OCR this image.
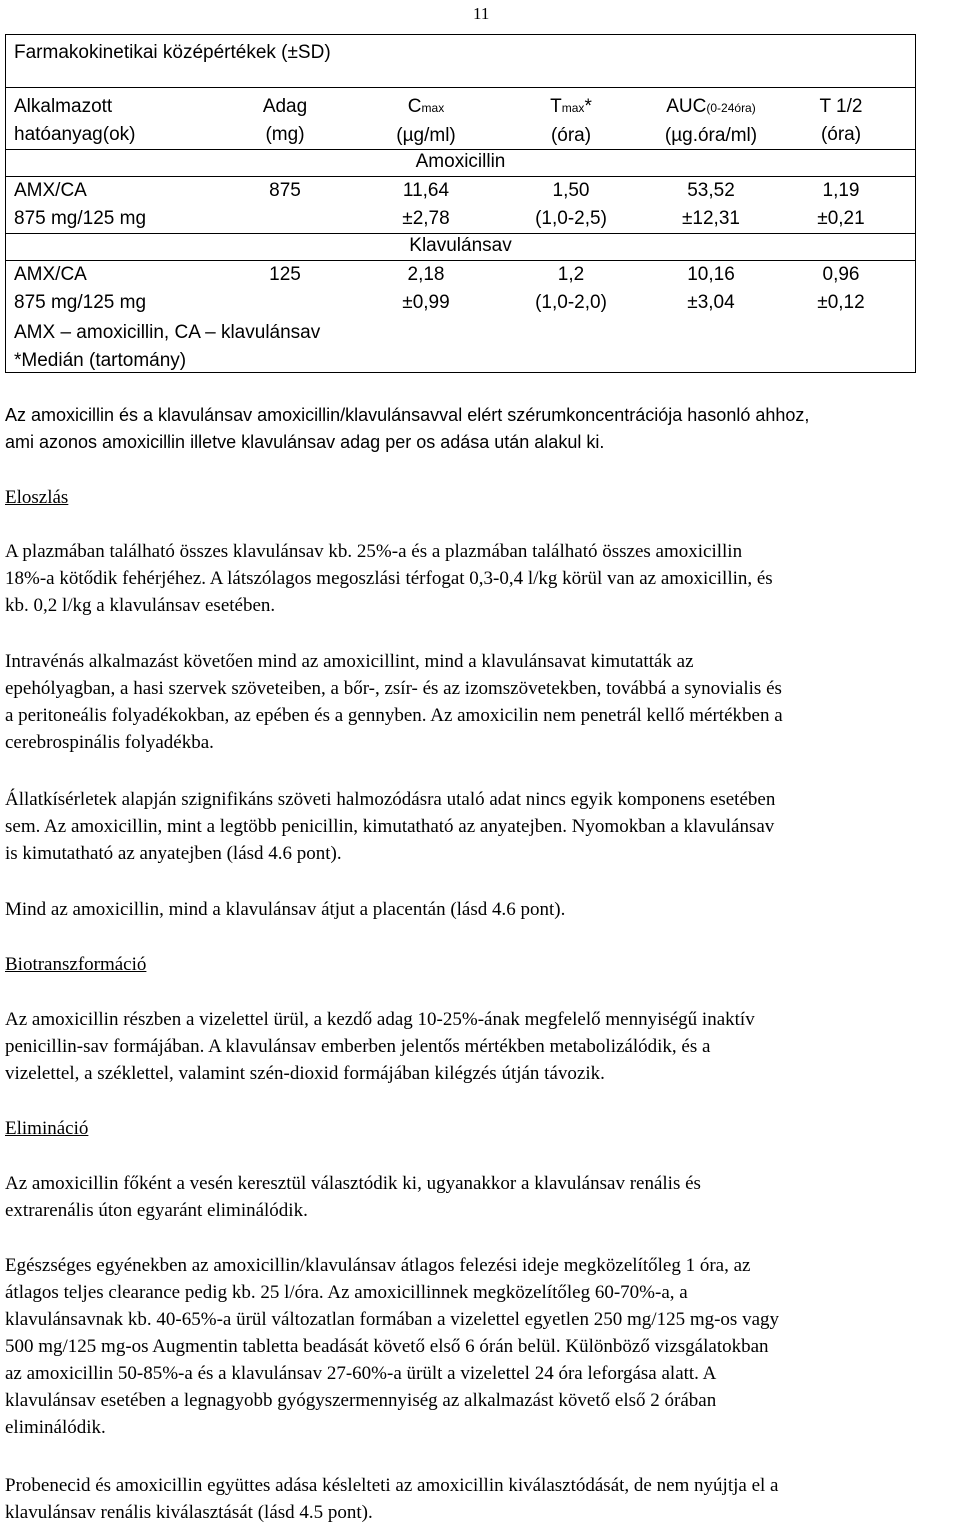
11
Farmakokinetikai középértékek (±SD)
Alkalmazott
hatóanyag(ok)
Adag
(mg)
Cmax
(µg/ml)
Tmax*
(óra)
AUC(0-24óra)
(µg.óra/ml)
T 1/2
(óra)
Amoxicillin
AMX/CA
875 mg/125 mg
875	11,64
±2,78
1,50
(1,0-2,5)
53,52
±12,31
1,19
±0,21
Klavulánsav
AMX/CA
875 mg/125 mg
125	2,18
±0,99
1,2
(1,0-2,0)
10,16
±3,04
0,96
±0,12
AMX – amoxicillin, CA – klavulánsav
*Medián (tartomány)
Az amoxicillin és a klavulánsav amoxicillin/klavulánsavval elért szérumkoncentrációja hasonló ahhoz,
ami azonos amoxicillin illetve klavulánsav adag per os adása után alakul ki.
Eloszlás
A plazmában található összes klavulánsav kb. 25%-a és a plazmában található összes amoxicillin
18%-a kötődik fehérjéhez. A látszólagos megoszlási térfogat 0,3-0,4 l/kg körül van az amoxicillin, és
kb. 0,2 l/kg a klavulánsav esetében.
Intravénás alkalmazást követően mind az amoxicillint, mind a klavulánsavat kimutatták az
epehólyagban, a hasi szervek szöveteiben, a bőr-, zsír- és az izomszövetekben, továbbá a synovialis és
a peritoneális folyadékokban, az epében és a gennyben. Az amoxicilin nem penetrál kellő mértékben a
cerebrospinális folyadékba.
Állatkísérletek alapján szignifikáns szöveti halmozódásra utaló adat nincs egyik komponens esetében
sem. Az amoxicillin, mint a legtöbb penicillin, kimutatható az anyatejben. Nyomokban a klavulánsav
is kimutatható az anyatejben (lásd 4.6 pont).
Mind az amoxicillin, mind a klavulánsav átjut a placentán (lásd 4.6 pont).
Biotranszformáció
Az amoxicillin részben a vizelettel ürül, a kezdő adag 10-25%-ának megfelelő mennyiségű inaktív
penicillin-sav formájában. A klavulánsav emberben jelentős mértékben metabolizálódik, és a
vizelettel, a széklettel, valamint szén-dioxid formájában kilégzés útján távozik.
Elimináció
Az amoxicillin főként a vesén keresztül választódik ki, ugyanakkor a klavulánsav renális és
extrarenális úton egyaránt eliminálódik.
Egészséges egyénekben az amoxicillin/klavulánsav átlagos felezési ideje megközelítőleg 1 óra, az
átlagos teljes clearance pedig kb. 25 l/óra. Az amoxicillinnek megközelítőleg 60-70%-a, a
klavulánsavnak kb. 40-65%-a ürül változatlan formában a vizelettel egyetlen 250 mg/125 mg-os vagy
500 mg/125 mg-os Augmentin tabletta beadását követő első 6 órán belül. Különböző vizsgálatokban
az amoxicillin 50-85%-a és a klavulánsav 27-60%-a ürült a vizelettel 24 óra leforgása alatt. A
klavulánsav esetében a legnagyobb gyógyszermennyiség az alkalmazást követő első 2 órában
eliminálódik.
Probenecid és amoxicillin együttes adása késlelteti az amoxicillin kiválasztódását, de nem nyújtja el a
klavulánsav renális kiválasztását (lásd 4.5 pont).
